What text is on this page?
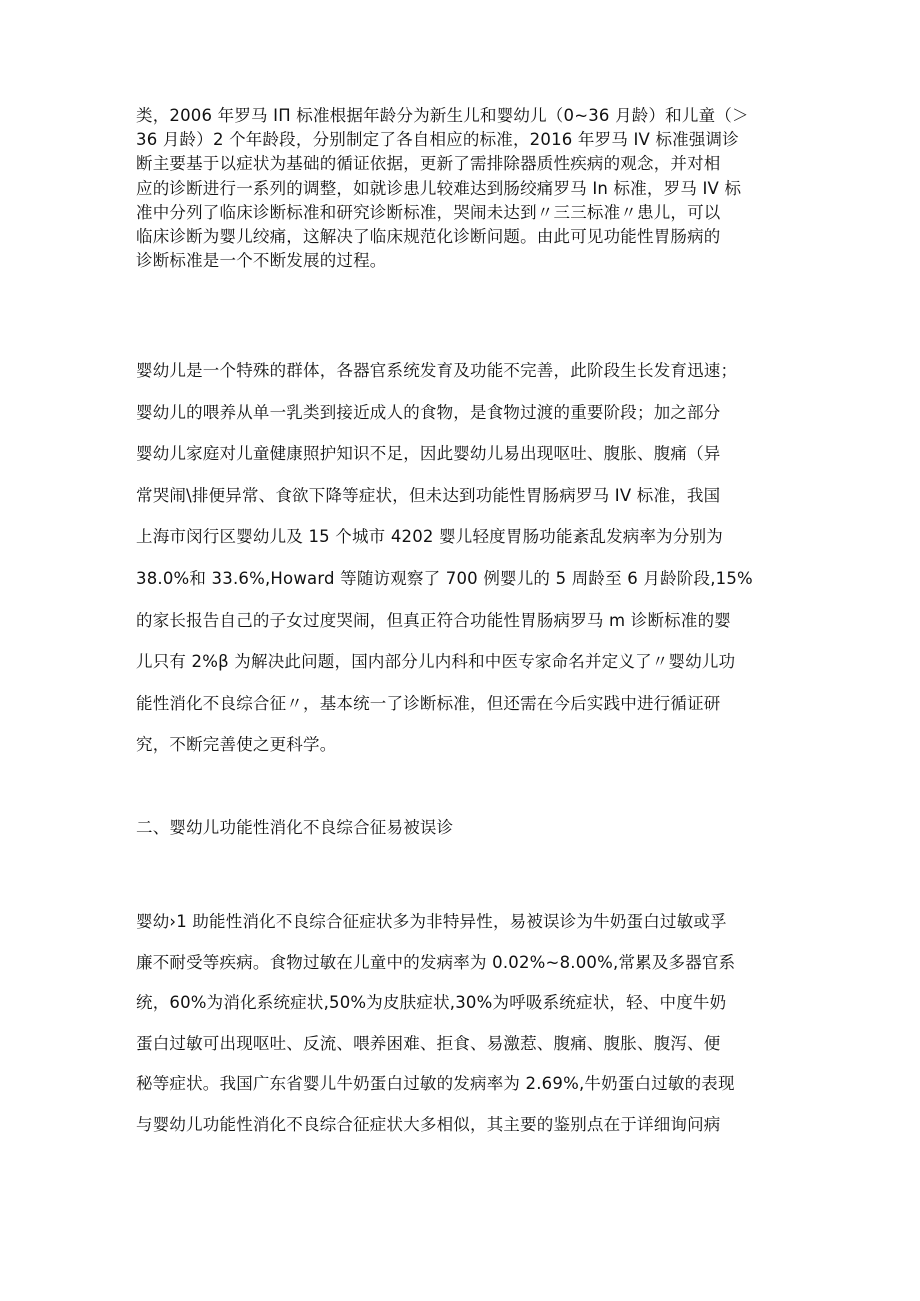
类，2006 年罗马 IΠ 标准根据年龄分为新生儿和婴幼儿（0~36 月龄）和儿童（＞
36 月龄）2 个年龄段，分别制定了各自相应的标准，2016 年罗马 IV 标准强调诊
断主要基于以症状为基础的循证依据，更新了需排除器质性疾病的观念，并对相
应的诊断进行一系列的调整，如就诊患儿较难达到肠绞痛罗马 In 标准，罗马 IV 标
准中分列了临床诊断标准和研究诊断标准，哭闹未达到〃三三标准〃患儿，可以
临床诊断为婴儿绞痛，这解决了临床规范化诊断问题。由此可见功能性胃肠病的
诊断标准是一个不断发展的过程。
婴幼儿是一个特殊的群体，各器官系统发育及功能不完善，此阶段生长发育迅速；
婴幼儿的喂养从单一乳类到接近成人的食物，是食物过渡的重要阶段；加之部分
婴幼儿家庭对儿童健康照护知识不足，因此婴幼儿易出现呕吐、腹胀、腹痛（异
常哭闹\排便异常、食欲下降等症状，但未达到功能性胃肠病罗马 IV 标准，我国
上海市闵行区婴幼儿及 15 个城市 4202 婴儿轻度胃肠功能紊乱发病率为分别为
38.0%和 33.6%,Howard 等随访观察了 700 例婴儿的 5 周龄至 6 月龄阶段,15%
的家长报告自己的子女过度哭闹，但真正符合功能性胃肠病罗马 m 诊断标准的婴
儿只有 2%β 为解决此问题，国内部分儿内科和中医专家命名并定义了〃婴幼儿功
能性消化不良综合征〃，基本统一了诊断标准，但还需在今后实践中进行循证研
究，不断完善使之更科学。
二、婴幼儿功能性消化不良综合征易被误诊
婴幼›1 助能性消化不良综合征症状多为非特异性，易被误诊为牛奶蛋白过敏或孚
廉不耐受等疾病。食物过敏在儿童中的发病率为 0.02%~8.00%,常累及多器官系
统，60%为消化系统症状,50%为皮肤症状,30%为呼吸系统症状，轻、中度牛奶
蛋白过敏可出现呕吐、反流、喂养困难、拒食、易激惹、腹痛、腹胀、腹泻、便
秘等症状。我国广东省婴儿牛奶蛋白过敏的发病率为 2.69%,牛奶蛋白过敏的表现
与婴幼儿功能性消化不良综合征症状大多相似，其主要的鉴别点在于详细询问病
